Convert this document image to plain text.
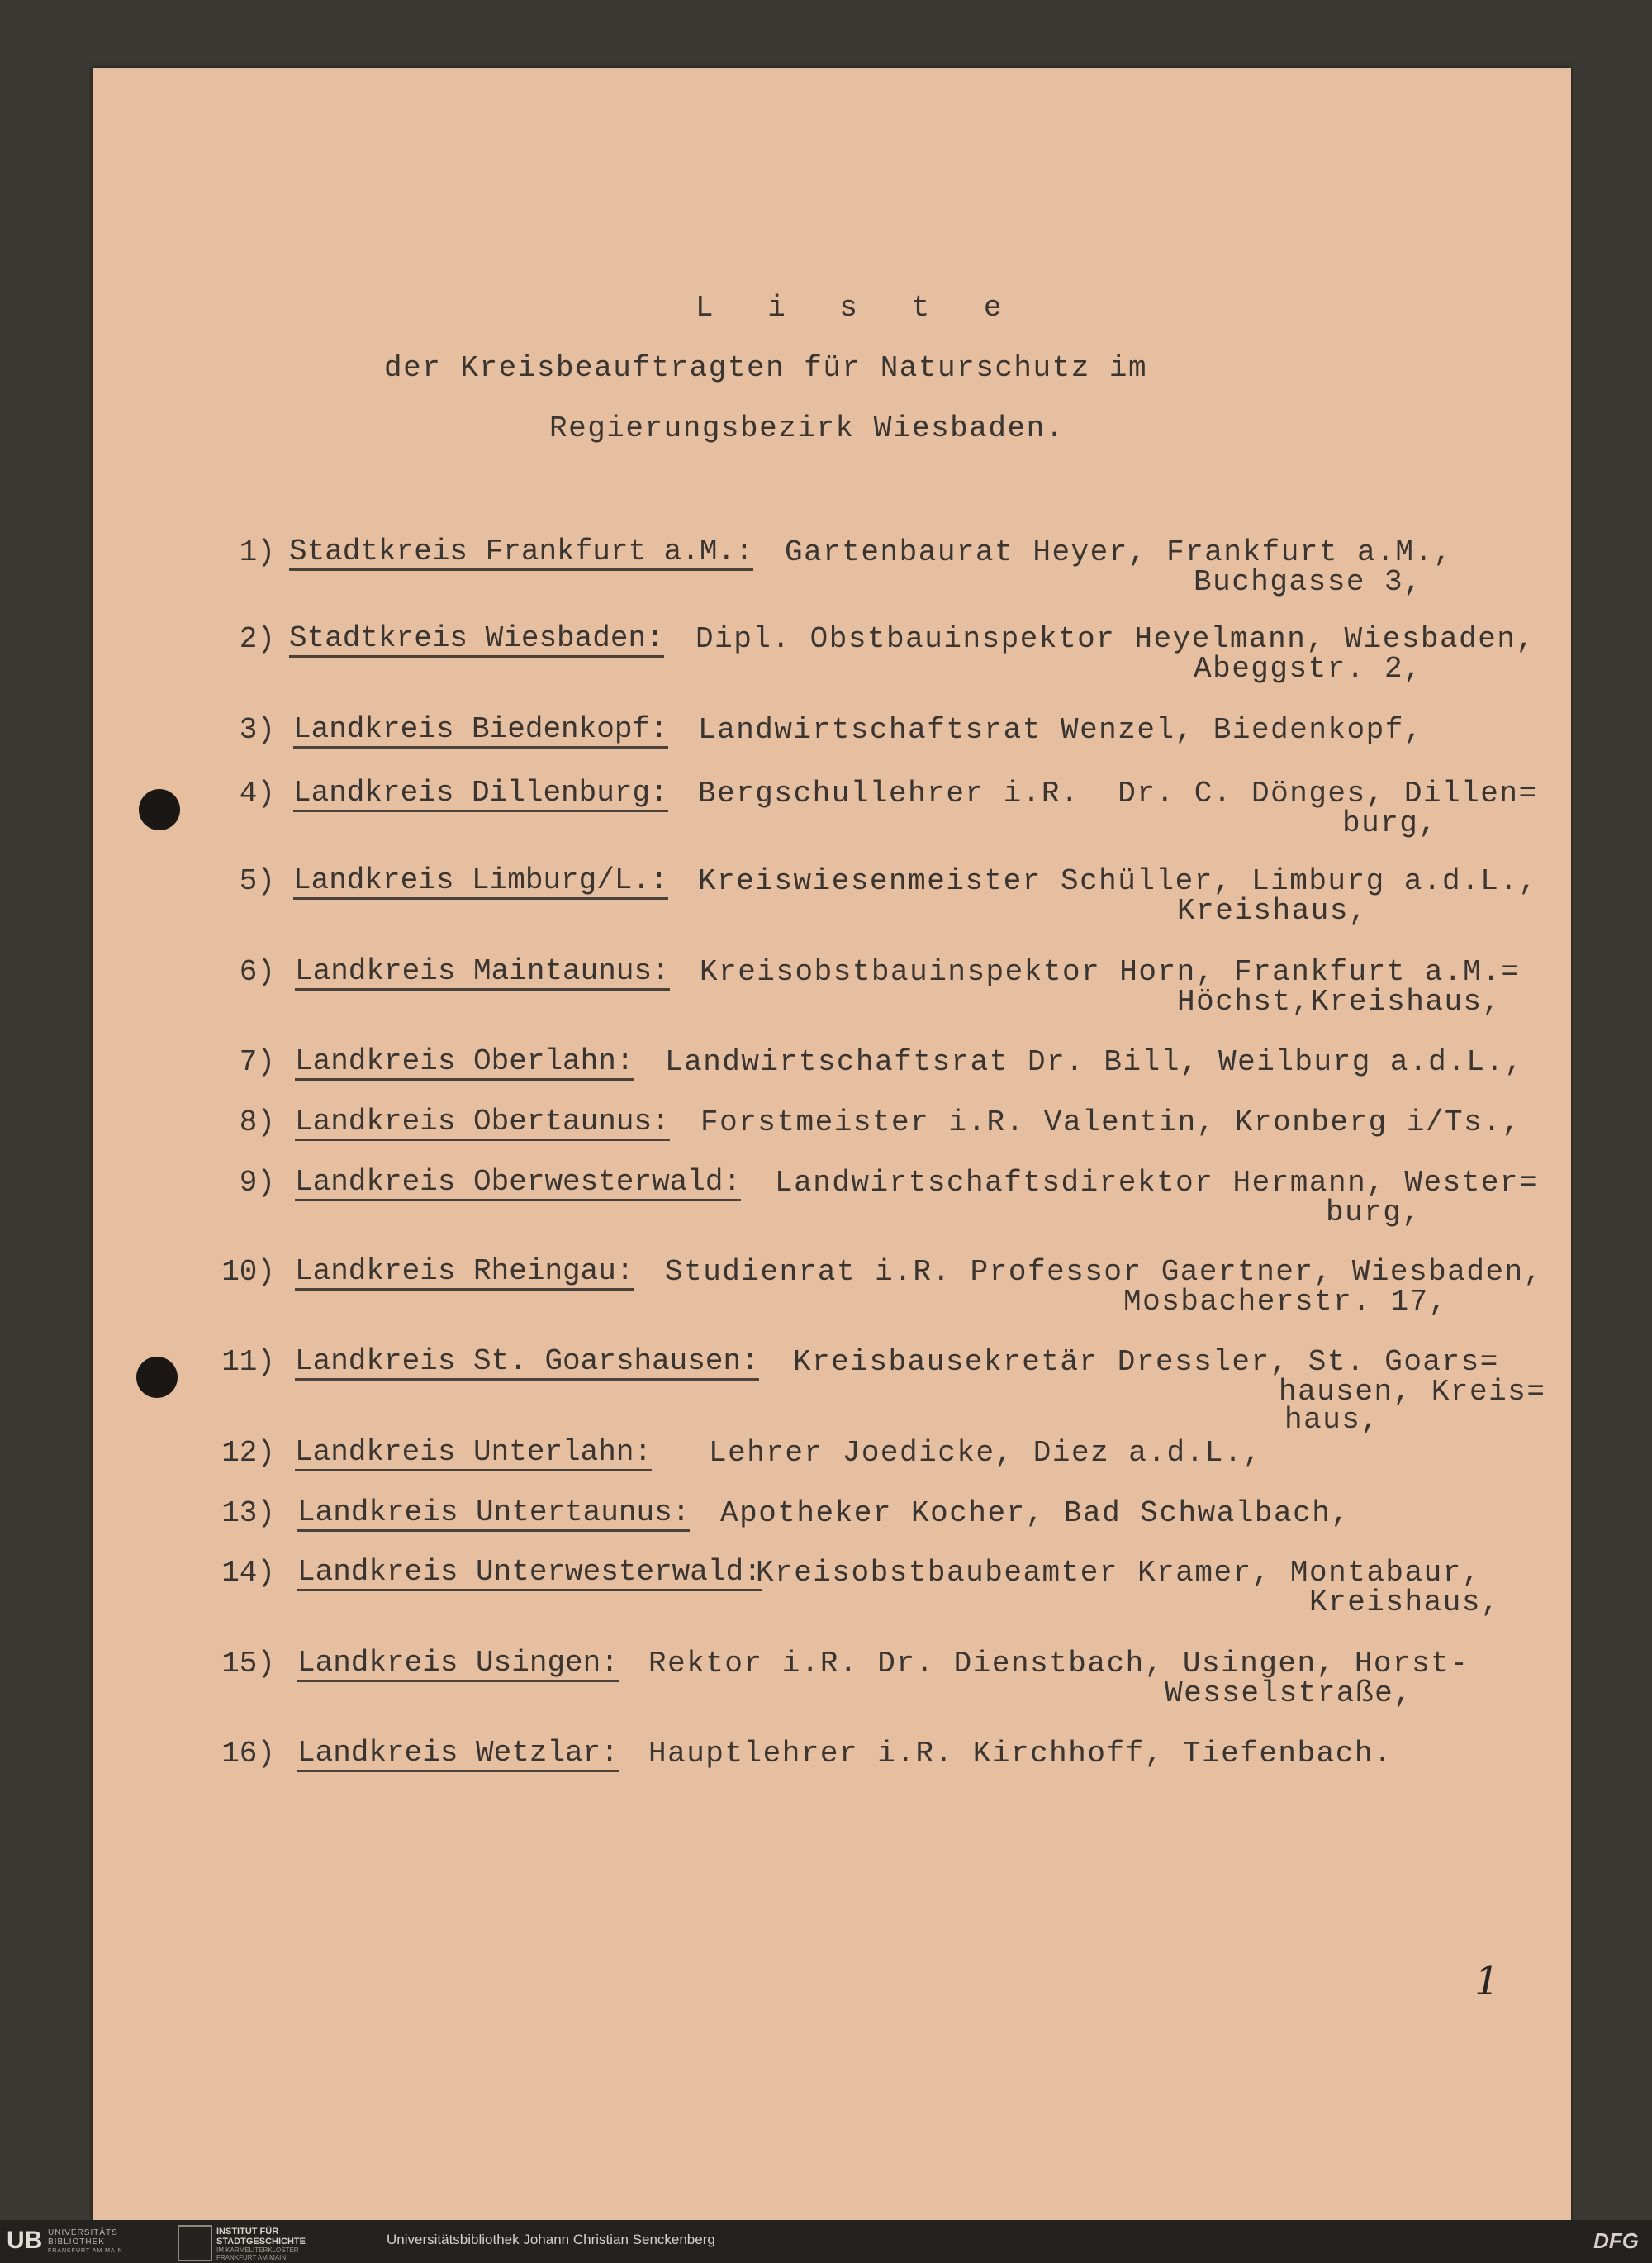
L i s t e
der Kreisbeauftragten für Naturschutz im
Regierungsbezirk Wiesbaden.
1) Stadtkreis Frankfurt a.M.: Gartenbaurat Heyer, Frankfurt a.M.,
Buchgasse 3,
2) Stadtkreis Wiesbaden: Dipl. Obstbauinspektor Heyelmann, Wiesbaden,
Abeggstr. 2,
3) Landkreis Biedenkopf: Landwirtschaftsrat Wenzel, Biedenkopf,
4) Landkreis Dillenburg: Bergschullehrer i.R.  Dr. C. Dönges, Dillen=
burg,
5) Landkreis Limburg/L.: Kreiswiesenmeister Schüller, Limburg a.d.L.,
Kreishaus,
6) Landkreis Maintaunus: Kreisobstbauinspektor Horn, Frankfurt a.M.=
Höchst,Kreishaus,
7) Landkreis Oberlahn: Landwirtschaftsrat Dr. Bill, Weilburg a.d.L.,
8) Landkreis Obertaunus: Forstmeister i.R. Valentin, Kronberg i/Ts.,
9) Landkreis Oberwesterwald: Landwirtschaftsdirektor Hermann, Wester=
burg,
10) Landkreis Rheingau: Studienrat i.R. Professor Gaertner, Wiesbaden,
Mosbacherstr. 17,
11) Landkreis St. Goarshausen: Kreisbausekretär Dressler, St. Goars=
hausen, Kreis=
haus,
12) Landkreis Unterlahn: Lehrer Joedicke, Diez a.d.L.,
13) Landkreis Untertaunus: Apotheker Kocher, Bad Schwalbach,
14) Landkreis Unterwesterwald:
Kreisobstbaubeamter Kramer, Montabaur,
Kreishaus,
15) Landkreis Usingen: Rektor i.R. Dr. Dienstbach, Usingen, Horst-
Wesselstraße,
16) Landkreis Wetzlar: Hauptlehrer i.R. Kirchhoff, Tiefenbach.
1
UB UNIVERSITÄTS
BIBLIOTHEK
FRANKFURT AM MAIN
INSTITUT FÜR
STADTGESCHICHTE
IM KARMELITERKLOSTER
FRANKFURT AM MAIN
Universitätsbibliothek Johann Christian Senckenberg	DFG
